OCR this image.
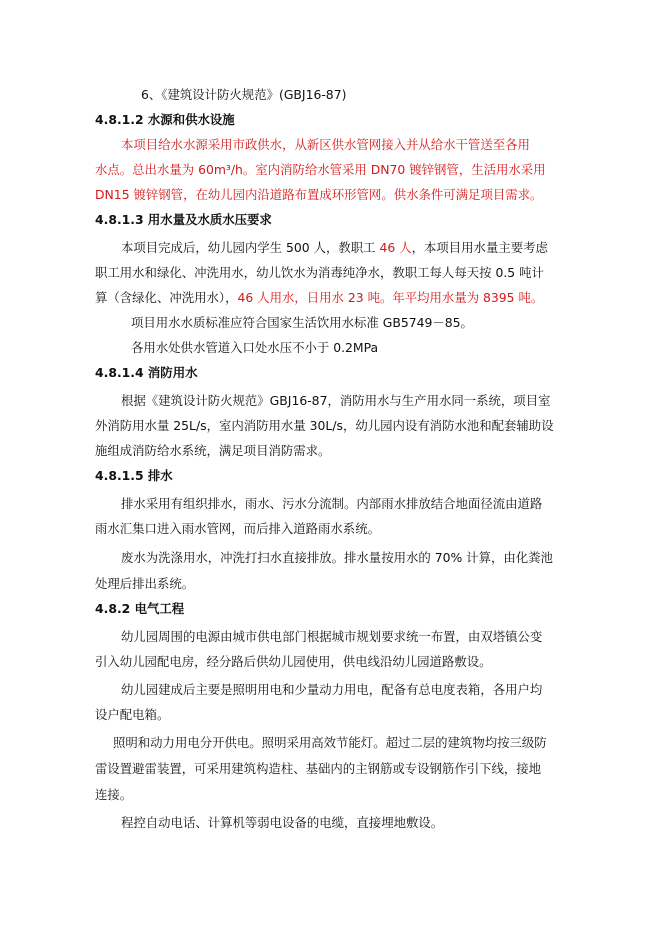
6、《建筑设计防火规范》(GBJ16-87)
4.8.1.2 水源和供水设施
本项目给水水源采用市政供水，从新区供水管网接入并从给水干管送至各用
水点。总出水量为 60m³/h。室内消防给水管采用 DN70 镀锌钢管，生活用水采用
DN15 镀锌钢管，在幼儿园内沿道路布置成环形管网。供水条件可满足项目需求。
4.8.1.3 用水量及水质水压要求
本项目完成后，幼儿园内学生 500 人，教职工 46 人，本项目用水量主要考虑
职工用水和绿化、冲洗用水，幼儿饮水为消毒纯净水，教职工每人每天按 0.5 吨计
算（含绿化、冲洗用水），46 人用水，日用水 23 吨。年平均用水量为 8395 吨。
项目用水水质标准应符合国家生活饮用水标准 GB5749－85。
各用水处供水管道入口处水压不小于 0.2MPa
4.8.1.4 消防用水
根据《建筑设计防火规范》GBJ16-87，消防用水与生产用水同一系统，项目室
外消防用水量 25L/s，室内消防用水量 30L/s，幼儿园内设有消防水池和配套辅助设
施组成消防给水系统，满足项目消防需求。
4.8.1.5 排水
排水采用有组织排水，雨水、污水分流制。内部雨水排放结合地面径流由道路
雨水汇集口进入雨水管网，而后排入道路雨水系统。
废水为洗涤用水，冲洗打扫水直接排放。排水量按用水的 70% 计算，由化粪池
处理后排出系统。
4.8.2 电气工程
幼儿园周围的电源由城市供电部门根据城市规划要求统一布置，由双塔镇公变
引入幼儿园配电房，经分路后供幼儿园使用，供电线沿幼儿园道路敷设。
幼儿园建成后主要是照明用电和少量动力用电，配备有总电度表箱，各用户均
设户配电箱。
照明和动力用电分开供电。照明采用高效节能灯。超过二层的建筑物均按三级防
雷设置避雷装置，可采用建筑构造柱、基础内的主钢筋或专设钢筋作引下线，接地
连接。
程控自动电话、计算机等弱电设备的电缆，直接埋地敷设。
